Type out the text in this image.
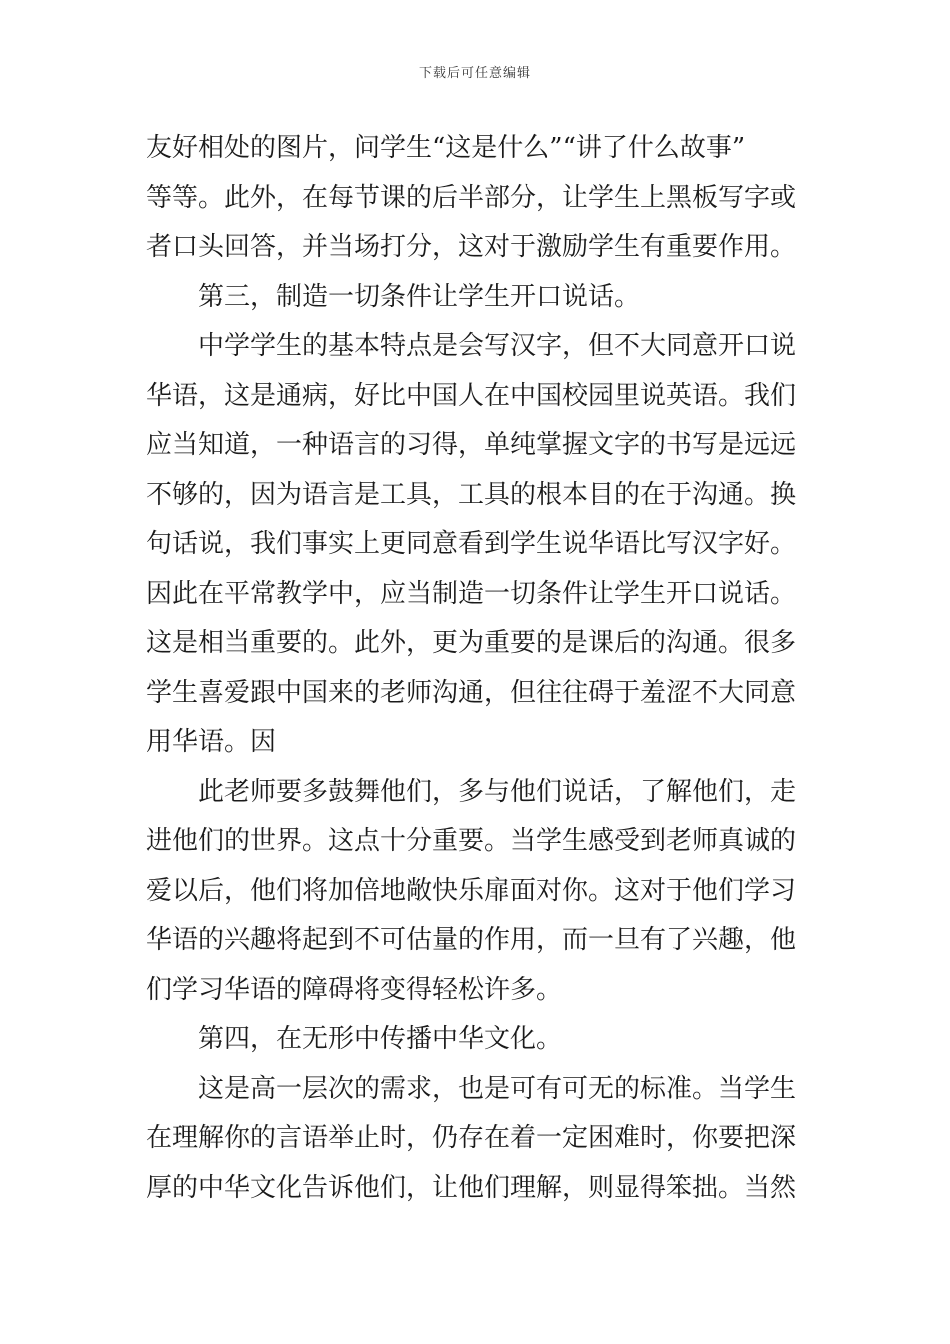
下载后可任意编辑
友好相处的图片，问学生“这是什么”“讲了什么故事”
等等。此外，在每节课的后半部分，让学生上黑板写字或
者口头回答，并当场打分，这对于激励学生有重要作用。
第三，制造一切条件让学生开口说话。
中学学生的基本特点是会写汉字，但不大同意开口说
华语，这是通病，好比中国人在中国校园里说英语。我们
应当知道，一种语言的习得，单纯掌握文字的书写是远远
不够的，因为语言是工具，工具的根本目的在于沟通。换
句话说，我们事实上更同意看到学生说华语比写汉字好。
因此在平常教学中，应当制造一切条件让学生开口说话。
这是相当重要的。此外，更为重要的是课后的沟通。很多
学生喜爱跟中国来的老师沟通，但往往碍于羞涩不大同意
用华语。因
此老师要多鼓舞他们，多与他们说话，了解他们，走
进他们的世界。这点十分重要。当学生感受到老师真诚的
爱以后，他们将加倍地敞快乐扉面对你。这对于他们学习
华语的兴趣将起到不可估量的作用，而一旦有了兴趣，他
们学习华语的障碍将变得轻松许多。
第四，在无形中传播中华文化。
这是高一层次的需求，也是可有可无的标准。当学生
在理解你的言语举止时，仍存在着一定困难时，你要把深
厚的中华文化告诉他们，让他们理解，则显得笨拙。当然
